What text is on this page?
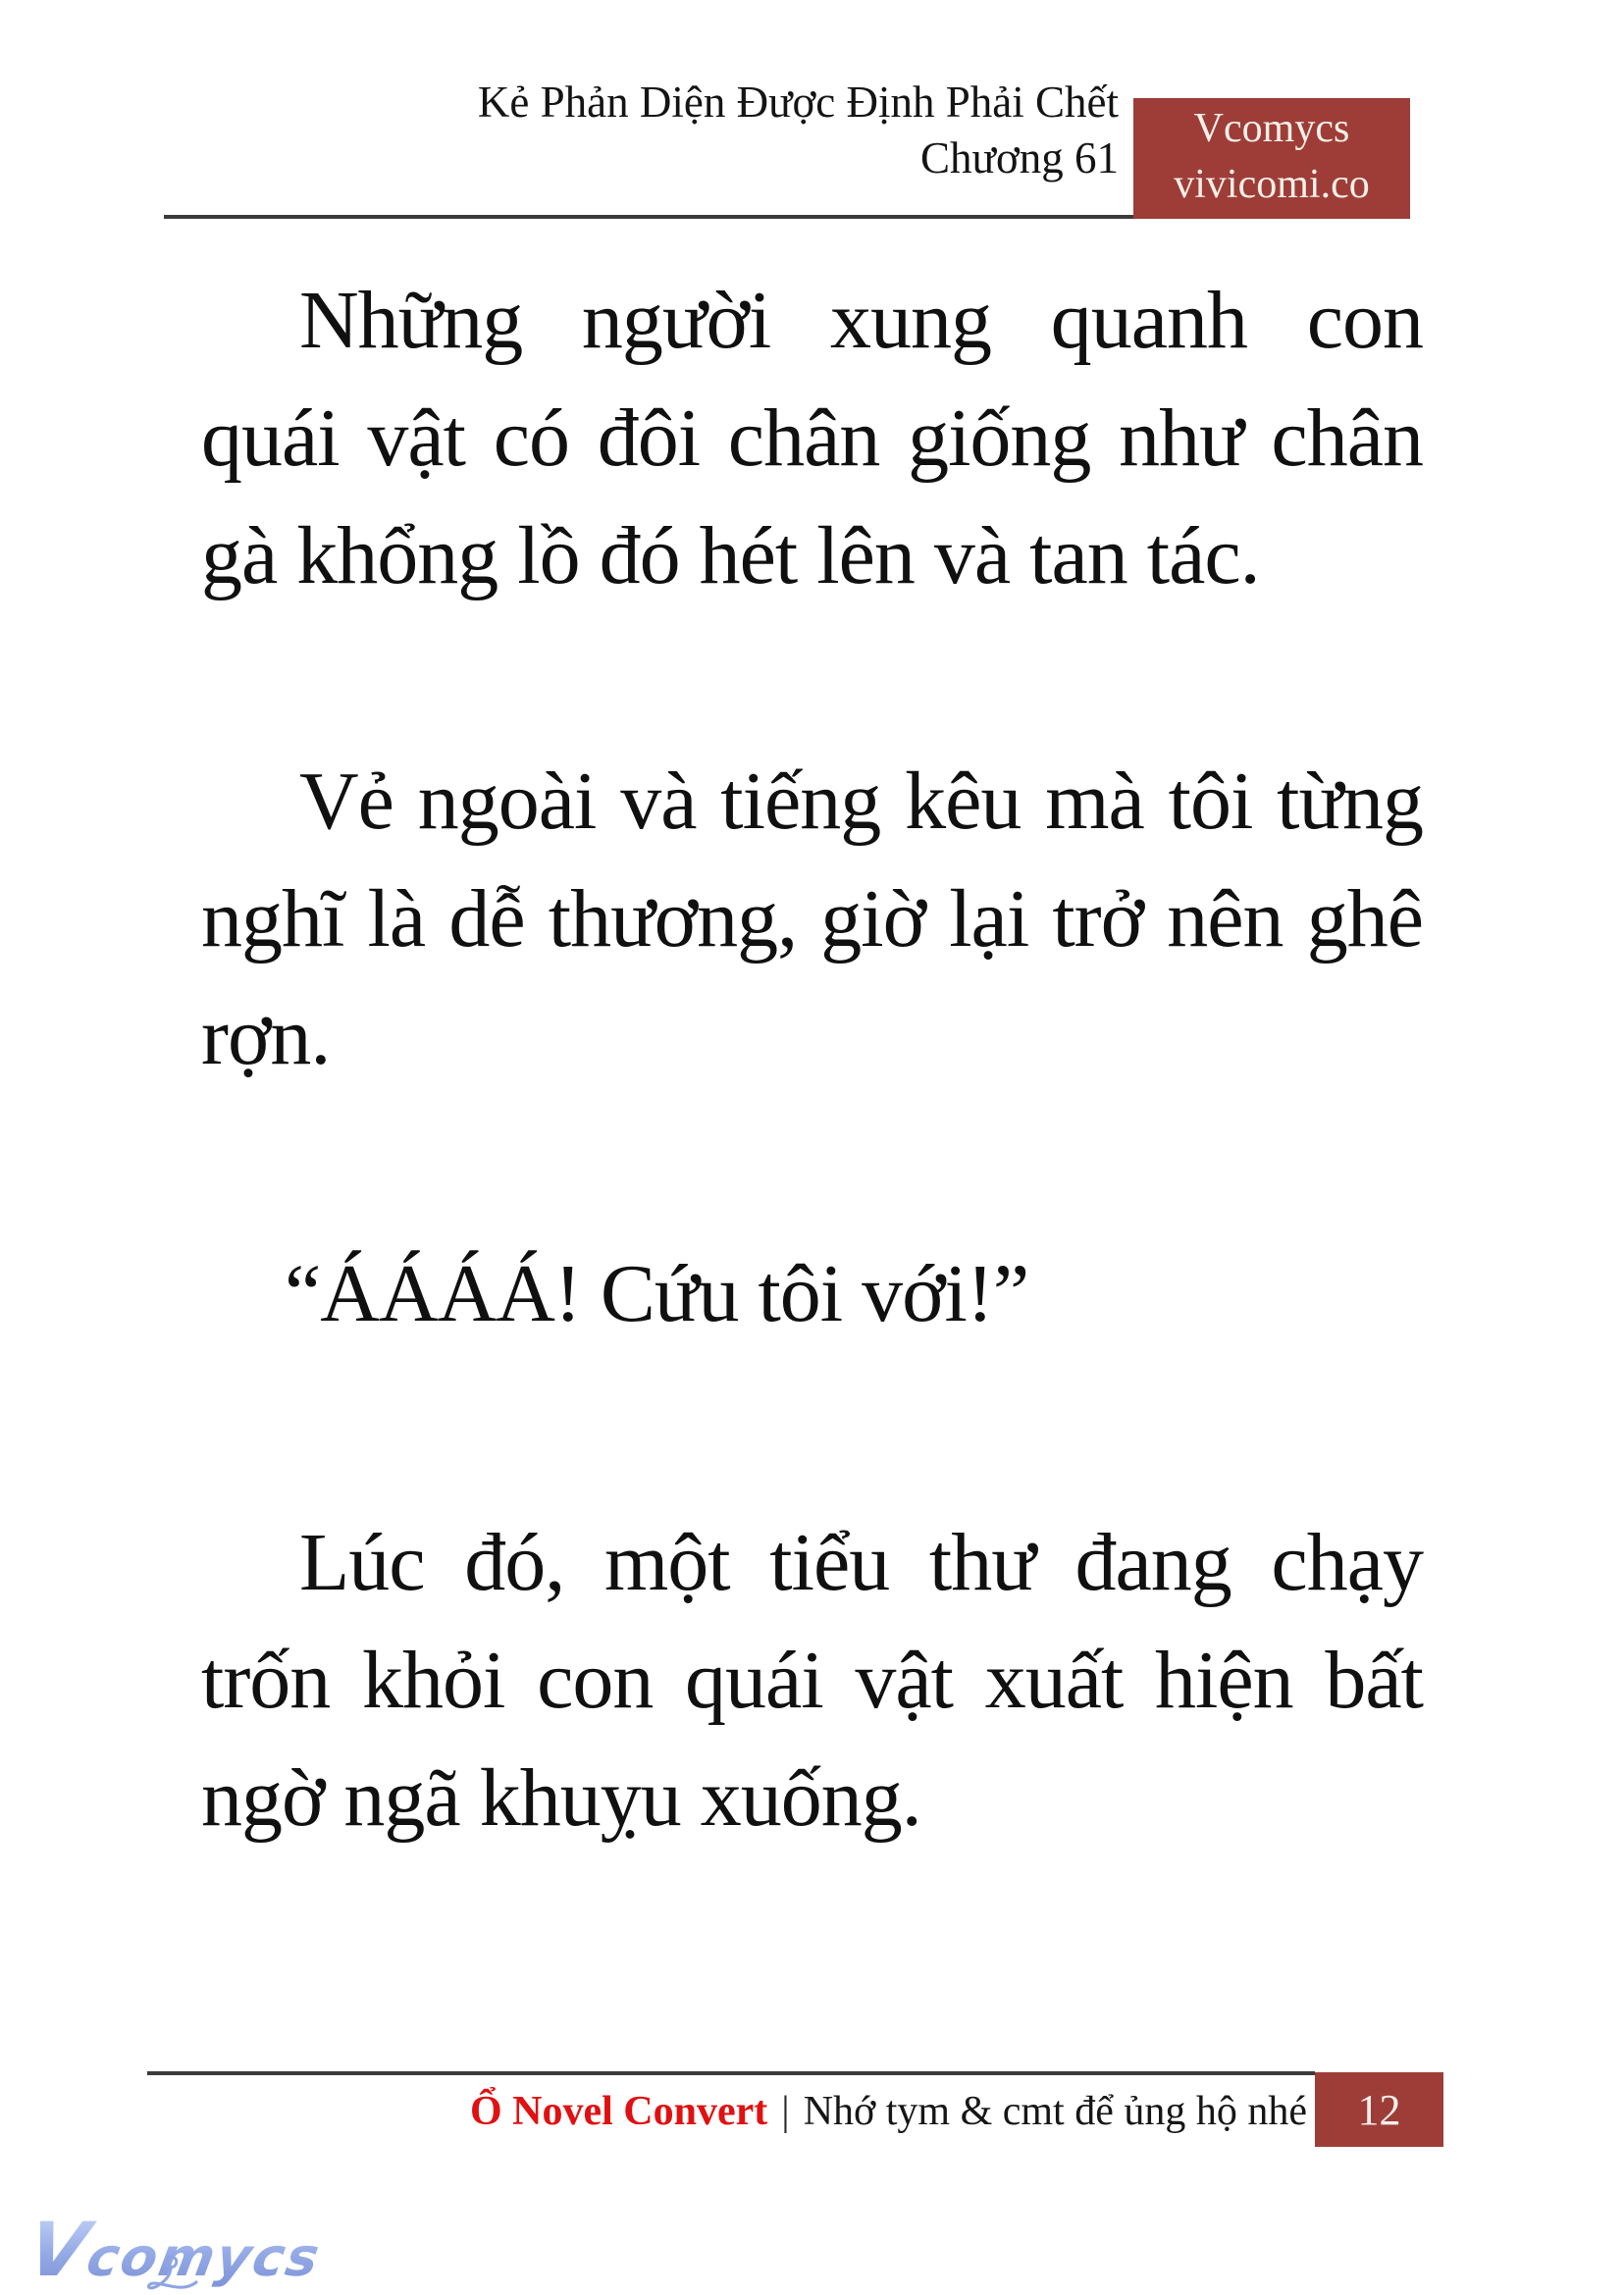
Kẻ Phản Diện Được Định Phải Chết
Chương 61
Vcomycs
vivicomi.co
Những người xung quanh con
quái vật có đôi chân giống như chân
gà khổng lồ đó hét lên và tan tác.
Vẻ ngoài và tiếng kêu mà tôi từng
nghĩ là dễ thương, giờ lại trở nên ghê
rợn.
“ÁÁÁÁ! Cứu tôi với!”
Lúc đó, một tiểu thư đang chạy
trốn khỏi con quái vật xuất hiện bất
ngờ ngã khuỵu xuống.
Ổ Novel Convert | Nhớ tym & cmt để ủng hộ nhé 12
Vcomycs
